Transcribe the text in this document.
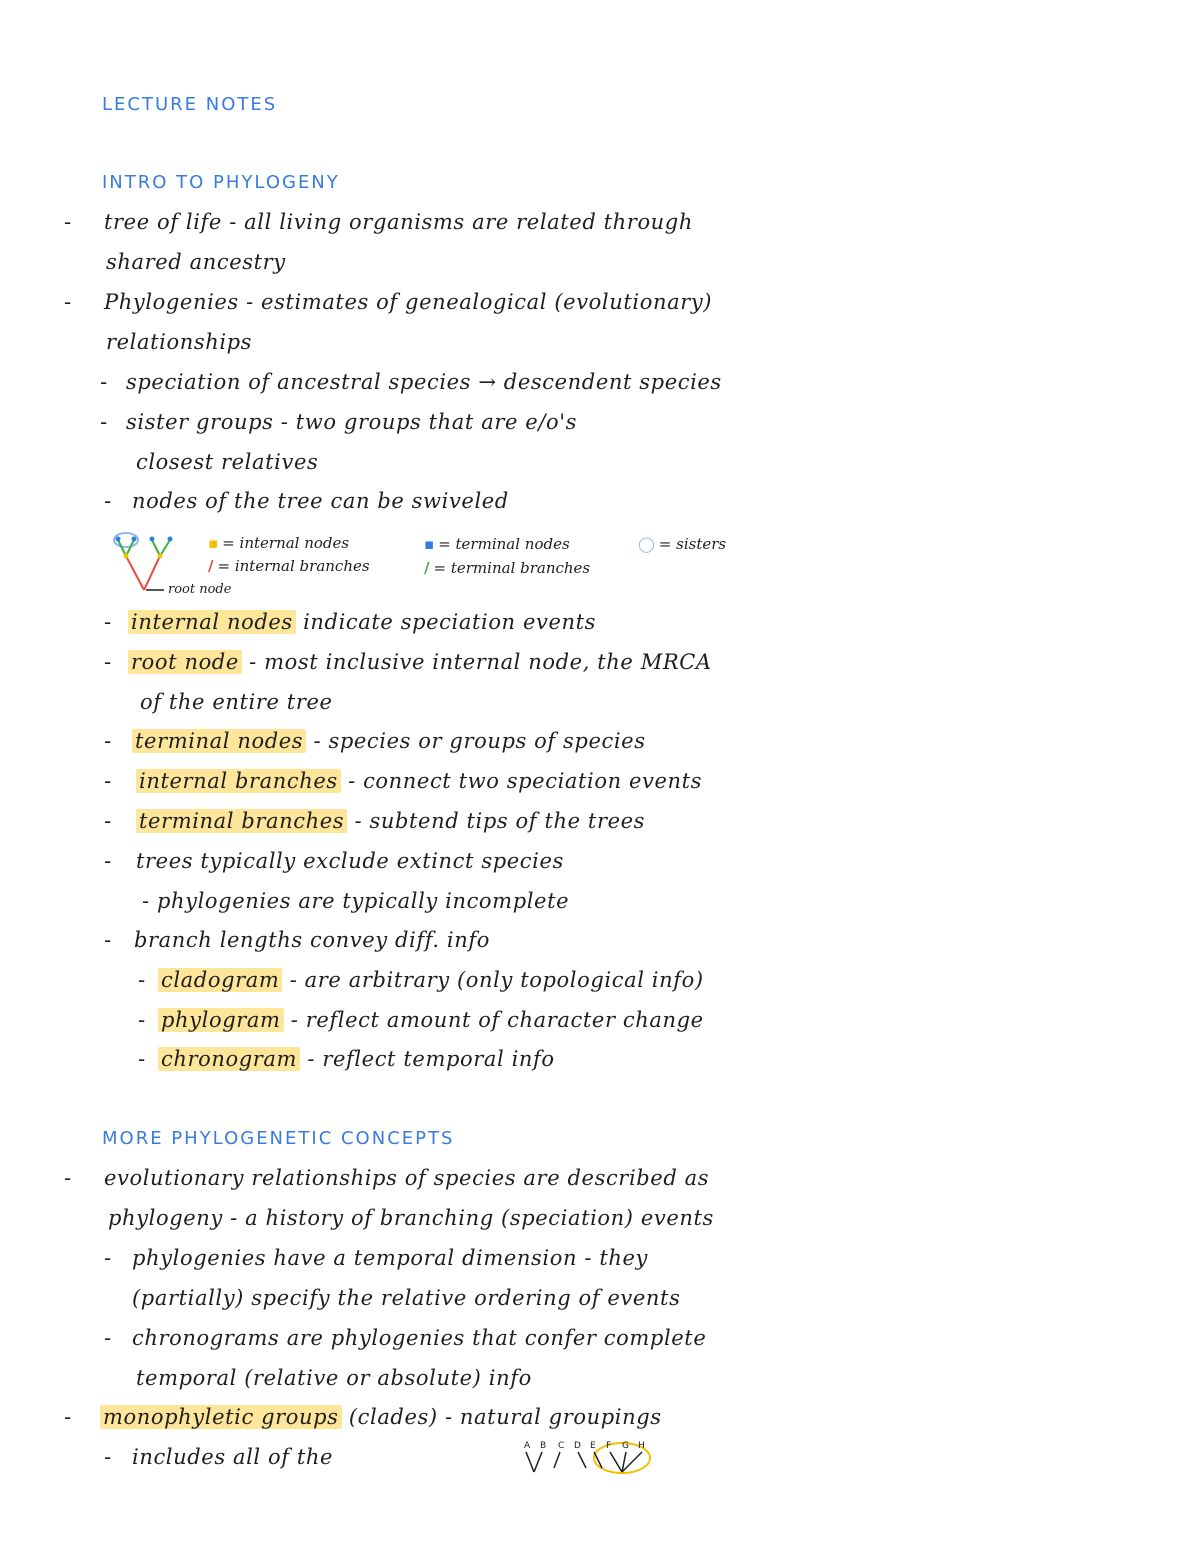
LECTURE NOTES
INTRO TO PHYLOGENY
- tree of life - all living organisms are related through
shared ancestry
- Phylogenies - estimates of genealogical (evolutionary)
relationships
- speciation of ancestral species → descendent species
- sister groups - two groups that are e/o's
closest relatives
- nodes of the tree can be swiveled
root node
▪ = internal nodes
/ = internal branches
▪ = terminal nodes
/ = terminal branches
◯ = sisters
- internal nodes indicate speciation events
- root node - most inclusive internal node, the MRCA
of the entire tree
- terminal nodes - species or groups of species
- internal branches - connect two speciation events
- terminal branches - subtend tips of the trees
- trees typically exclude extinct species
- phylogenies are typically incomplete
- branch lengths convey diff. info
- cladogram - are arbitrary (only topological info)
- phylogram - reflect amount of character change
- chronogram - reflect temporal info
MORE PHYLOGENETIC CONCEPTS
- evolutionary relationships of species are described as
phylogeny - a history of branching (speciation) events
- phylogenies have a temporal dimension - they
(partially) specify the relative ordering of events
- chronograms are phylogenies that confer complete
temporal (relative or absolute) info
- monophyletic groups (clades) - natural groupings
- includes all of the	A B C D E F G H
